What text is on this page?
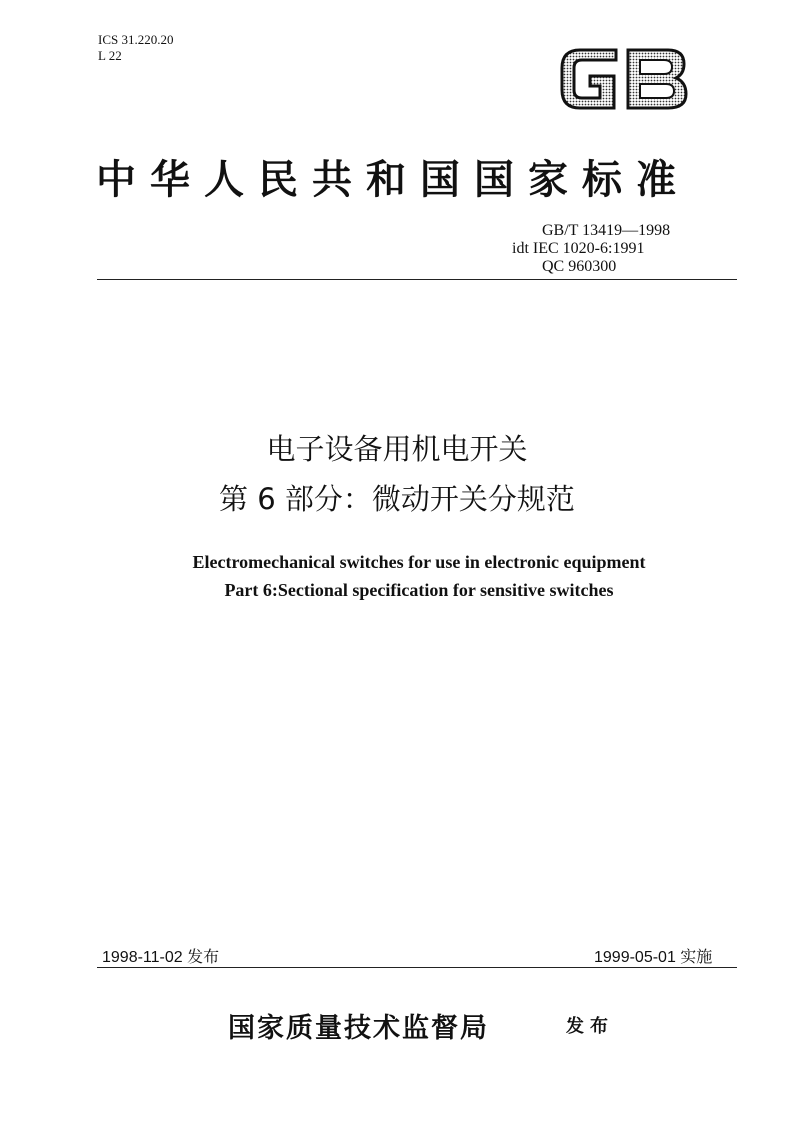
ICS 31.220.20
L 22
中华人民共和国国家标准
GB/T 13419—1998
idt IEC 1020-6:1991
QC 960300
电子设备用机电开关
第 6 部分：微动开关分规范
Electromechanical switches for use in electronic equipment
Part 6:Sectional specification for sensitive switches
1998-11-02 发布	1999-05-01 实施
国家质量技术监督局	发布
